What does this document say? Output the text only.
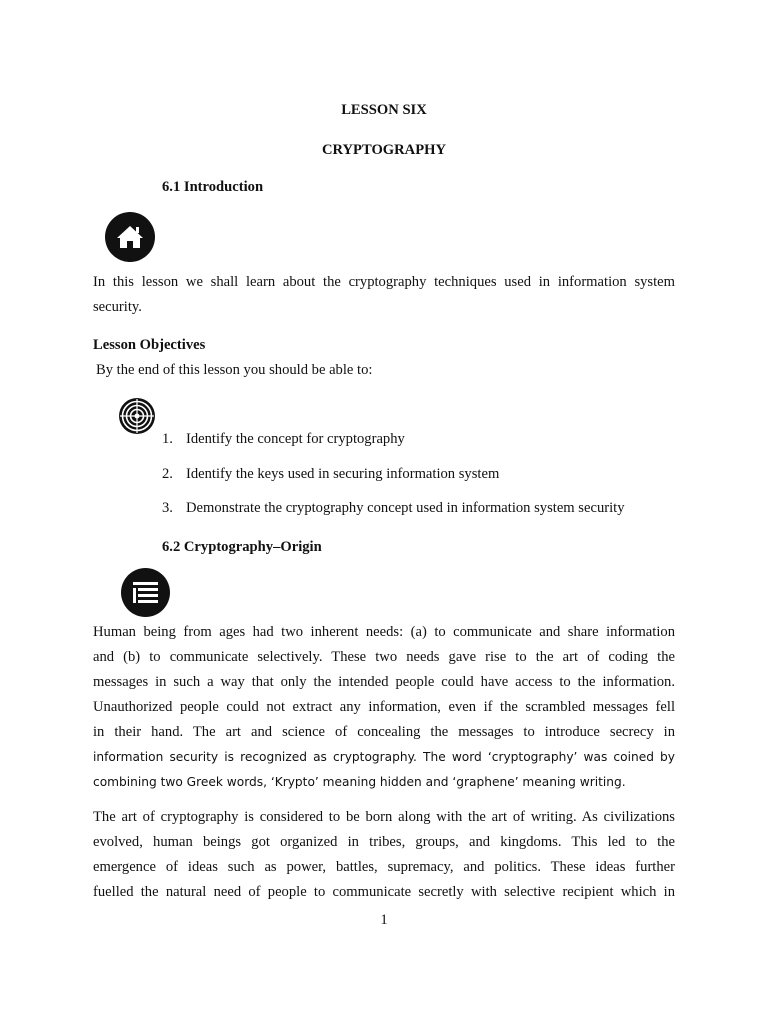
LESSON SIX
CRYPTOGRAPHY
6.1 Introduction
In this lesson we shall learn about the cryptography techniques used in information system
security.
Lesson Objectives
By the end of this lesson you should be able to:
1. Identify the concept for cryptography
2. Identify the keys used in securing information system
3. Demonstrate the cryptography concept used in information system security
6.2 Cryptography–Origin
Human being from ages had two inherent needs: (a) to communicate and share information
and (b) to communicate selectively. These two needs gave rise to the art of coding the
messages in such a way that only the intended people could have access to the information.
Unauthorized people could not extract any information, even if the scrambled messages fell
in their hand. The art and science of concealing the messages to introduce secrecy in
information security is recognized as cryptography. The word ‘cryptography’ was coined by
combining two Greek words, ‘Krypto’ meaning hidden and ‘graphene’ meaning writing.
The art of cryptography is considered to be born along with the art of writing. As civilizations
evolved, human beings got organized in tribes, groups, and kingdoms. This led to the
emergence of ideas such as power, battles, supremacy, and politics. These ideas further
fuelled the natural need of people to communicate secretly with selective recipient which in
1
